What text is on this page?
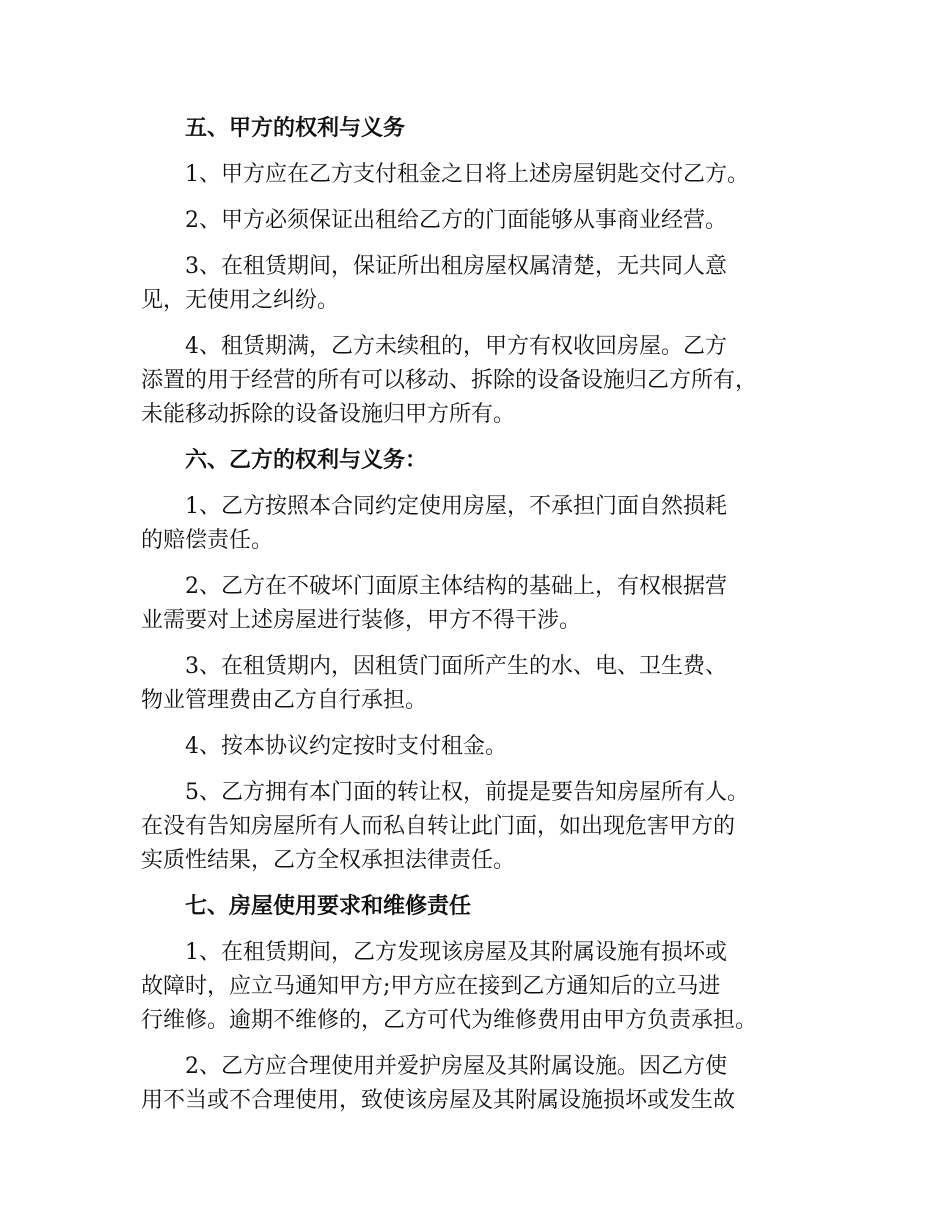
五、甲方的权利与义务
1、甲方应在乙方支付租金之日将上述房屋钥匙交付乙方。
2、甲方必须保证出租给乙方的门面能够从事商业经营。
3、在租赁期间，保证所出租房屋权属清楚，无共同人意
见，无使用之纠纷。
4、租赁期满，乙方未续租的，甲方有权收回房屋。乙方
添置的用于经营的所有可以移动、拆除的设备设施归乙方所有，
未能移动拆除的设备设施归甲方所有。
六、乙方的权利与义务：
1、乙方按照本合同约定使用房屋，不承担门面自然损耗
的赔偿责任。
2、乙方在不破坏门面原主体结构的基础上，有权根据营
业需要对上述房屋进行装修，甲方不得干涉。
3、在租赁期内，因租赁门面所产生的水、电、卫生费、
物业管理费由乙方自行承担。
4、按本协议约定按时支付租金。
5、乙方拥有本门面的转让权，前提是要告知房屋所有人。
在没有告知房屋所有人而私自转让此门面，如出现危害甲方的
实质性结果，乙方全权承担法律责任。
七、房屋使用要求和维修责任
1、在租赁期间，乙方发现该房屋及其附属设施有损坏或
故障时，应立马通知甲方;甲方应在接到乙方通知后的立马进
行维修。逾期不维修的，乙方可代为维修费用由甲方负责承担。
2、乙方应合理使用并爱护房屋及其附属设施。因乙方使
用不当或不合理使用，致使该房屋及其附属设施损坏或发生故
